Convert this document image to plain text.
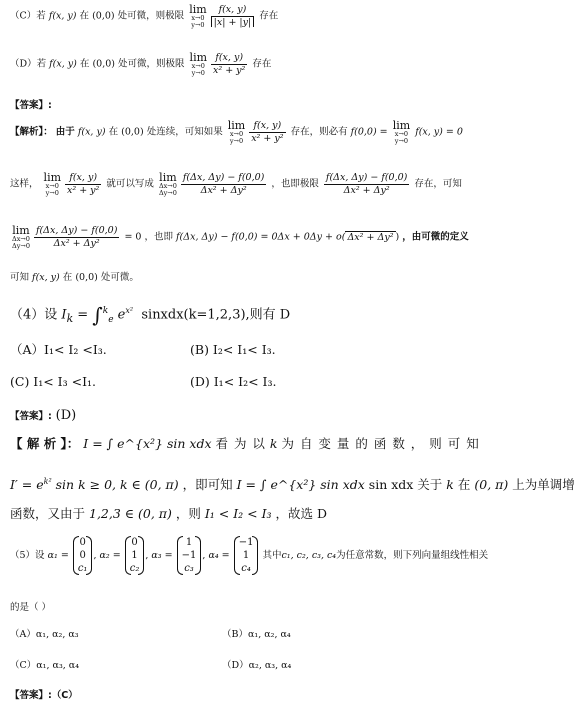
（C）若 f(x, y) 在 (0,0) 处可微，则极限 lim
x→0
$y\to 0 \frac{f(x, y)}{|x| + |y|}$ 存在
（D）若 f(x, y) 在 (0,0) 处可微，则极限 lim
x→0
$y\to 0 \frac{f(x, y)}{\text{x² + y²}}$ 存在
【答案】:
【解析】： 由于 f(x, y) 在 (0,0) 处连续，可知如果 lim
x→0
$y\to 0 \frac{f(x, y)}{\text{x² + y²}}$ 存在，则必有 f(0,0) = lim
x→0
y→0
f(x, y) = 0
这样， lim
x→0
$y\to 0 \frac{f(x, y)}{\text{x² + y²}}$ 就可以写成 lim
Δx→0
$\Delta y\to 0 \frac{f(\Delta x, \Delta y) - f(0,0)}{\text{Δx² + Δy²}}$ ，也即极限 $\frac{f(\Delta x, \Delta y) - f(0,0)}{\text{Δx² + Δy²}}$ 存在，可知
lim
Δx→0
$\Delta y\to 0 \frac{f(\Delta x, \Delta y) - f(0,0)}{\text{Δx² + Δy²}} = 0$ ，也即 f(Δx, Δy) − f(0,0) = 0Δx + 0Δy + o( Δx² + Δy² ) ，由可微的定义
可知 f(x, y) 在 (0,0) 处可微。
（4）设 $I_k = \int^k_e$ $e^{x^2}$ sinxdx(k=1,2,3),则有 D
（A）I₁< I₂ <I₃.	(B) I₂< I₁< I₃.
(C) I₁< I₃ <I₁.	(D) I₁< I₂< I₃.
【答案】: (D)
【 解 析 】： I = ∫ e^{x²} sin xdx 看 为 以 k 为 自 变 量 的 函 数 ， 则 可 知
$I' = e^{k^2}$ sin k ≥ 0, k ∈ (0, π) ，即可知 I = ∫ e^{x²} sin xdx sin xdx 关于 k 在 (0, π) 上为单调增
函数，又由于 1,2,3 ∈ (0, π) ，则 I₁ < I₂ < I₃ ，故选 D
（5）设 α₁ =
0
0
c₁
, α₂ =
0
1
c₂
, α₃ =
1
−1
c₃
, α₄ =
−1
1
c₄
其中c₁, c₂, c₃, c₄为任意常数，则下列向量组线性相关
的是（ ）
（A）α₁, α₂, α₃	（B）α₁, α₂, α₄
（C）α₁, α₃, α₄	（D）α₂, α₃, α₄
【答案】:（C）
